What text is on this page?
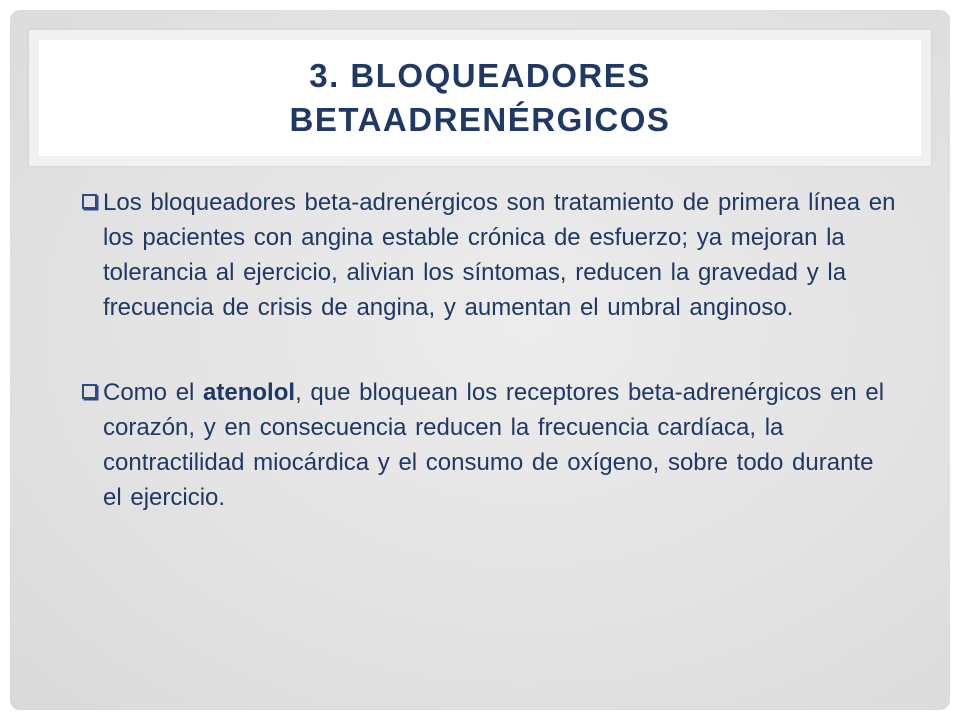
3. BLOQUEADORES
BETAADRENÉRGICOS
Los bloqueadores beta-adrenérgicos son tratamiento de primera línea en los pacientes con angina estable crónica de esfuerzo; ya mejoran la tolerancia al ejercicio, alivian los síntomas, reducen la gravedad y la frecuencia de crisis de angina, y aumentan el umbral anginoso.
Como el atenolol, que bloquean los receptores beta-adrenérgicos en el corazón, y en consecuencia reducen la frecuencia cardíaca, la contractilidad miocárdica y el consumo de oxígeno, sobre todo durante el ejercicio.
